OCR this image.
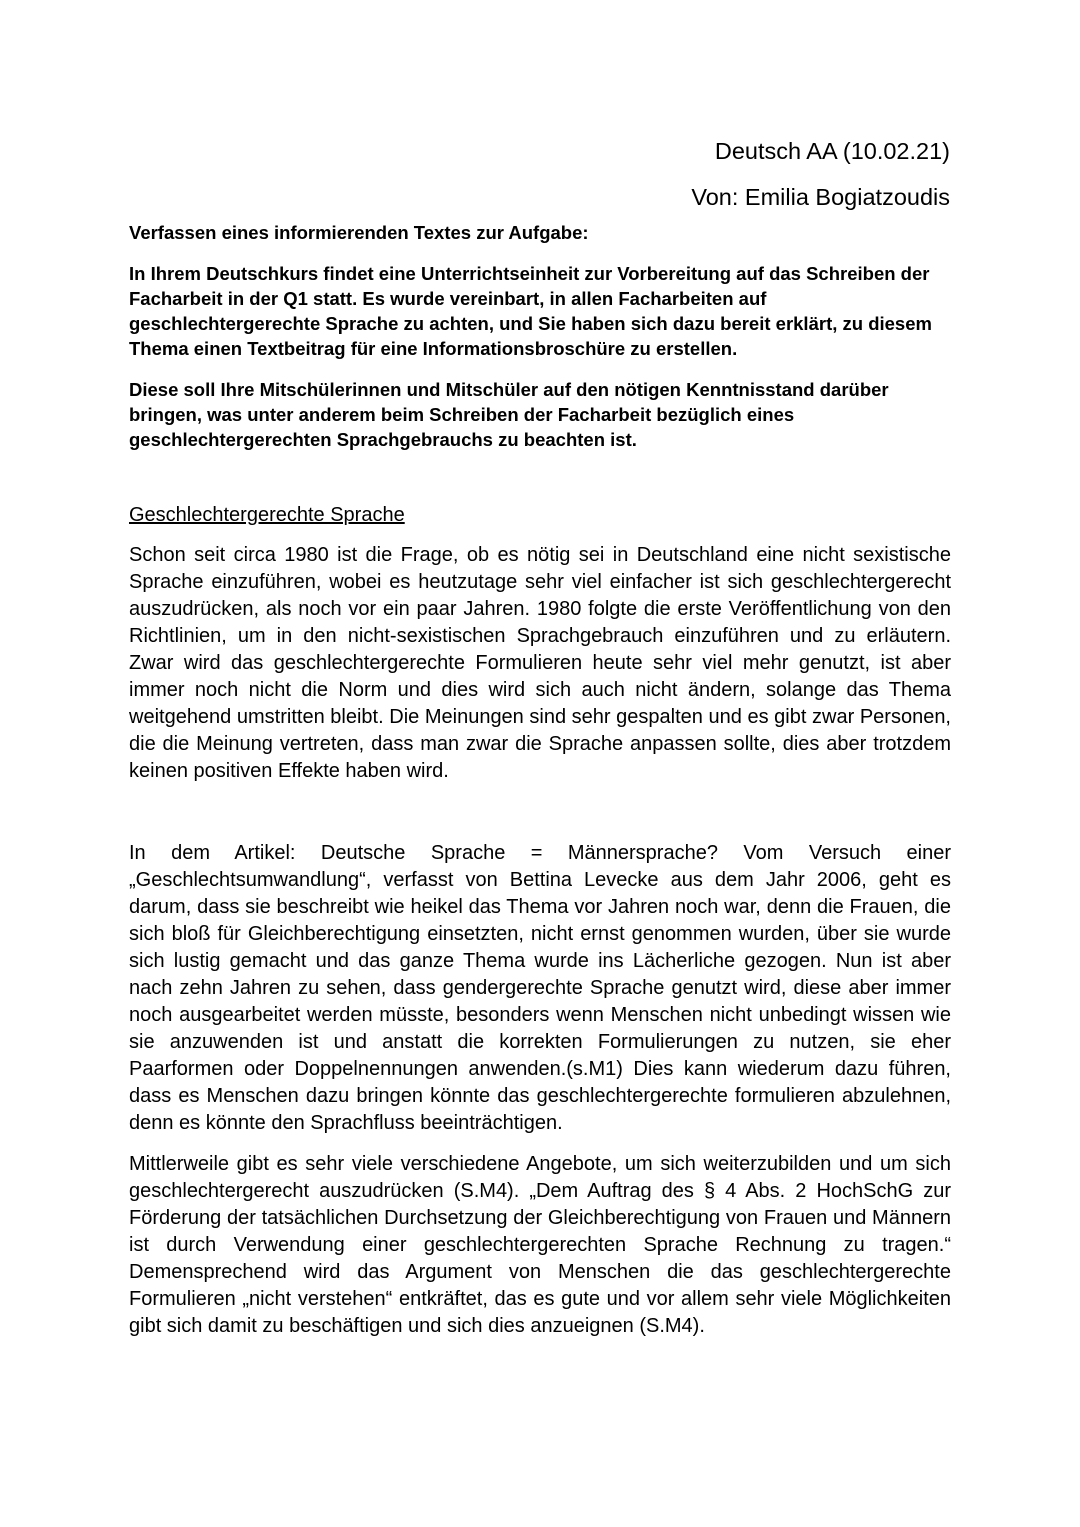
Deutsch AA (10.02.21)

Von: Emilia Bogiatzoudis

Verfassen eines informierenden Textes zur Aufgabe:

In Ihrem Deutschkurs findet eine Unterrichtseinheit zur Vorbereitung auf das Schreiben der Facharbeit in der Q1 statt. Es wurde vereinbart, in allen Facharbeiten auf geschlechtergerechte Sprache zu achten, und Sie haben sich dazu bereit erklärt, zu diesem Thema einen Textbeitrag für eine Informationsbroschüre zu erstellen.

Diese soll Ihre Mitschülerinnen und Mitschüler auf den nötigen Kenntnisstand darüber bringen, was unter anderem beim Schreiben der Facharbeit bezüglich eines geschlechtergerechten Sprachgebrauchs zu beachten ist.

Geschlechtergerechte Sprache

Schon seit circa 1980 ist die Frage, ob es nötig sei in Deutschland eine nicht sexistische Sprache einzuführen, wobei es heutzutage sehr viel einfacher ist sich geschlechtergerecht auszudrücken, als noch vor ein paar Jahren. 1980 folgte die erste Veröffentlichung von den Richtlinien, um in den nicht-sexistischen Sprachgebrauch einzuführen und zu erläutern. Zwar wird das geschlechtergerechte Formulieren heute sehr viel mehr genutzt, ist aber immer noch nicht die Norm und dies wird sich auch nicht ändern, solange das Thema weitgehend umstritten bleibt. Die Meinungen sind sehr gespalten und es gibt zwar Personen, die die Meinung vertreten, dass man zwar die Sprache anpassen sollte, dies aber trotzdem keinen positiven Effekte haben wird.

In dem Artikel: Deutsche Sprache = Männersprache? Vom Versuch einer „Geschlechtsumwandlung“, verfasst von Bettina Levecke aus dem Jahr 2006, geht es darum, dass sie beschreibt wie heikel das Thema vor Jahren noch war, denn die Frauen, die sich bloß für Gleichberechtigung einsetzten, nicht ernst genommen wurden, über sie wurde sich lustig gemacht und das ganze Thema wurde ins Lächerliche gezogen. Nun ist aber nach zehn Jahren zu sehen, dass gendergerechte Sprache genutzt wird, diese aber immer noch ausgearbeitet werden müsste, besonders wenn Menschen nicht unbedingt wissen wie sie anzuwenden ist und anstatt die korrekten Formulierungen zu nutzen, sie eher Paarformen oder Doppelnennungen anwenden.(s.M1) Dies kann wiederum dazu führen, dass es Menschen dazu bringen könnte das geschlechtergerechte formulieren abzulehnen, denn es könnte den Sprachfluss beeinträchtigen.

Mittlerweile gibt es sehr viele verschiedene Angebote, um sich weiterzubilden und um sich geschlechtergerecht auszudrücken (S.M4). „Dem Auftrag des § 4 Abs. 2 HochSchG zur Förderung der tatsächlichen Durchsetzung der Gleichberechtigung von Frauen und Männern ist durch Verwendung einer geschlechtergerechten Sprache Rechnung zu tragen.“ Demensprechend wird das Argument von Menschen die das geschlechtergerechte Formulieren „nicht verstehen“ entkräftet, das es gute und vor allem sehr viele Möglichkeiten gibt sich damit zu beschäftigen und sich dies anzueignen (S.M4).
